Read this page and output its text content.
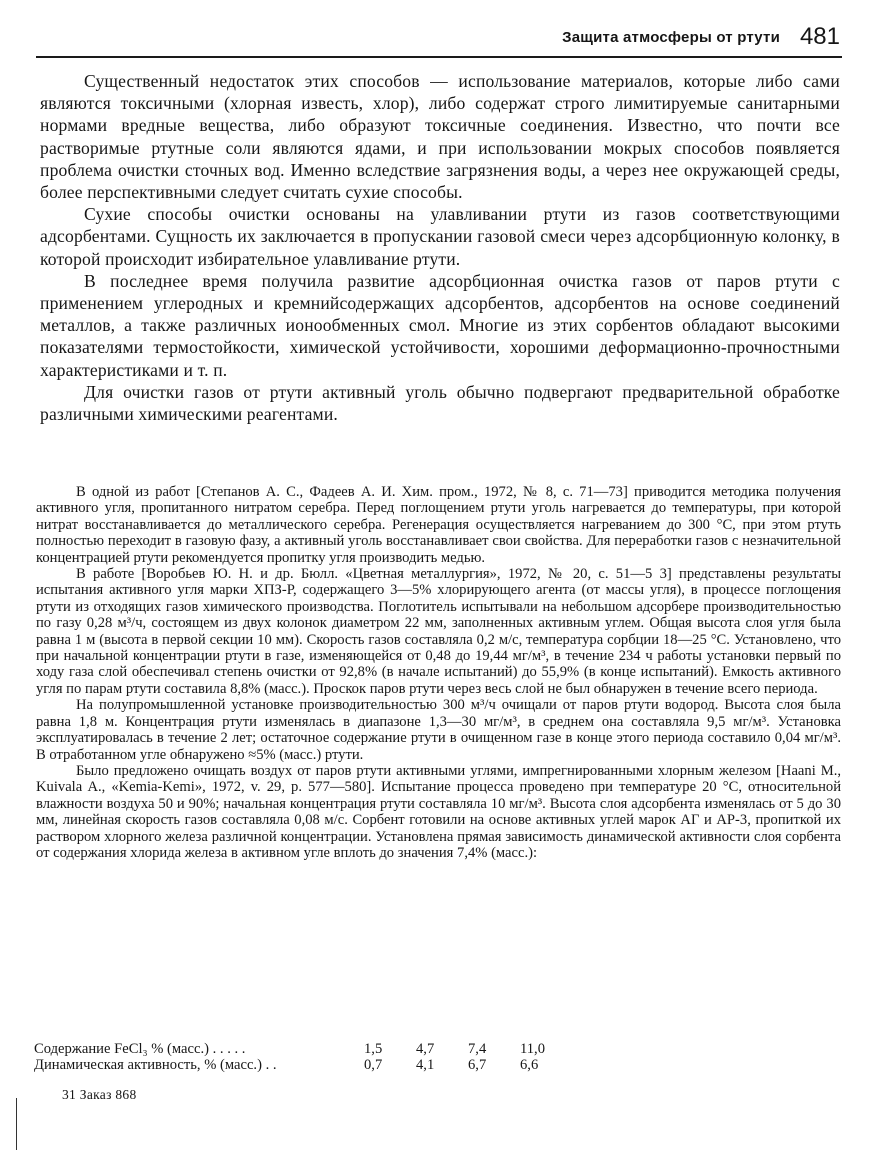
Защита атмосферы от ртути 481

Существенный недостаток этих способов — использование материалов, которые либо сами являются токсичными (хлорная известь, хлор), либо содержат строго лимитируемые санитарными нормами вредные вещества, либо образуют токсичные соединения. Известно, что почти все растворимые ртутные соли являются ядами, и при использовании мокрых способов появляется проблема очистки сточных вод. Именно вследствие загрязнения воды, а через нее окружающей среды, более перспективными следует считать сухие способы.

Сухие способы очистки основаны на улавливании ртути из газов соответствующими адсорбентами. Сущность их заключается в пропускании газовой смеси через адсорбционную колонку, в которой происходит избирательное улавливание ртути.

В последнее время получила развитие адсорбционная очистка газов от паров ртути с применением углеродных и кремнийсодержащих адсорбентов, адсорбентов на основе соединений металлов, а также различных ионообменных смол. Многие из этих сорбентов обладают высокими показателями термостойкости, химической устойчивости, хорошими деформационно-прочностными характеристиками и т. п.

Для очистки газов от ртути активный уголь обычно подвергают предварительной обработке различными химическими реагентами.

В одной из работ [Степанов А. С., Фадеев А. И. Хим. пром., 1972, № 8, с. 71—73] приводится методика получения активного угля, пропитанного нитратом серебра. Перед поглощением ртути уголь нагревается до температуры, при которой нитрат восстанавливается до металлического серебра. Регенерация осуществляется нагреванием до 300 °С, при этом ртуть полностью переходит в газовую фазу, а активный уголь восстанавливает свои свойства. Для переработки газов с незначительной концентрацией ртути рекомендуется пропитку угля производить медью.

В работе [Воробьев Ю. Н. и др. Бюлл. «Цветная металлургия», 1972, № 20, с. 51—5 3] представлены результаты испытания активного угля марки ХПЗ-Р, содержащего 3—5% хлорирующего агента (от массы угля), в процессе поглощения ртути из отходящих газов химического производства. Поглотитель испытывали на небольшом адсорбере производительностью по газу 0,28 м³/ч, состоящем из двух колонок диаметром 22 мм, заполненных активным углем. Общая высота слоя угля была равна 1 м (высота в первой секции 10 мм). Скорость газов составляла 0,2 м/с, температура сорбции 18—25 °С. Установлено, что при начальной концентрации ртути в газе, изменяющейся от 0,48 до 19,44 мг/м³, в течение 234 ч работы установки первый по ходу газа слой обеспечивал степень очистки от 92,8% (в начале испытаний) до 55,9% (в конце испытаний). Емкость активного угля по парам ртути составила 8,8% (масс.). Проскок паров ртути через весь слой не был обнаружен в течение всего периода.

На полупромышленной установке производительностью 300 м³/ч очищали от паров ртути водород. Высота слоя была равна 1,8 м. Концентрация ртути изменялась в диапазоне 1,3—30 мг/м³, в среднем она составляла 9,5 мг/м³. Установка эксплуатировалась в течение 2 лет; остаточное содержание ртути в очищенном газе в конце этого периода составило 0,04 мг/м³. В отработанном угле обнаружено ≈5% (масс.) ртути.

Было предложено очищать воздух от паров ртути активными углями, импрегнированными хлорным железом [Haani M., Kuivala A., «Kemia-Kemi», 1972, v. 29, p. 577—580]. Испытание процесса проведено при температуре 20 °С, относительной влажности воздуха 50 и 90%; начальная концентрация ртути составляла 10 мг/м³. Высота слоя адсорбента изменялась от 5 до 30 мм, линейная скорость газов составляла 0,08 м/с. Сорбент готовили на основе активных углей марок АГ и АР-3, пропиткой их раствором хлорного железа различной концентрации. Установлена прямая зависимость динамической активности слоя сорбента от содержания хлорида железа в активном угле вплоть до значения 7,4% (масс.):

Содержание FeCl₃ % (масс.) . . . . .	1,5	4,7	7,4	11,0
Динамическая активность, % (масс.) . .	0,7	4,1	6,7	6,6
31 Заказ 868
